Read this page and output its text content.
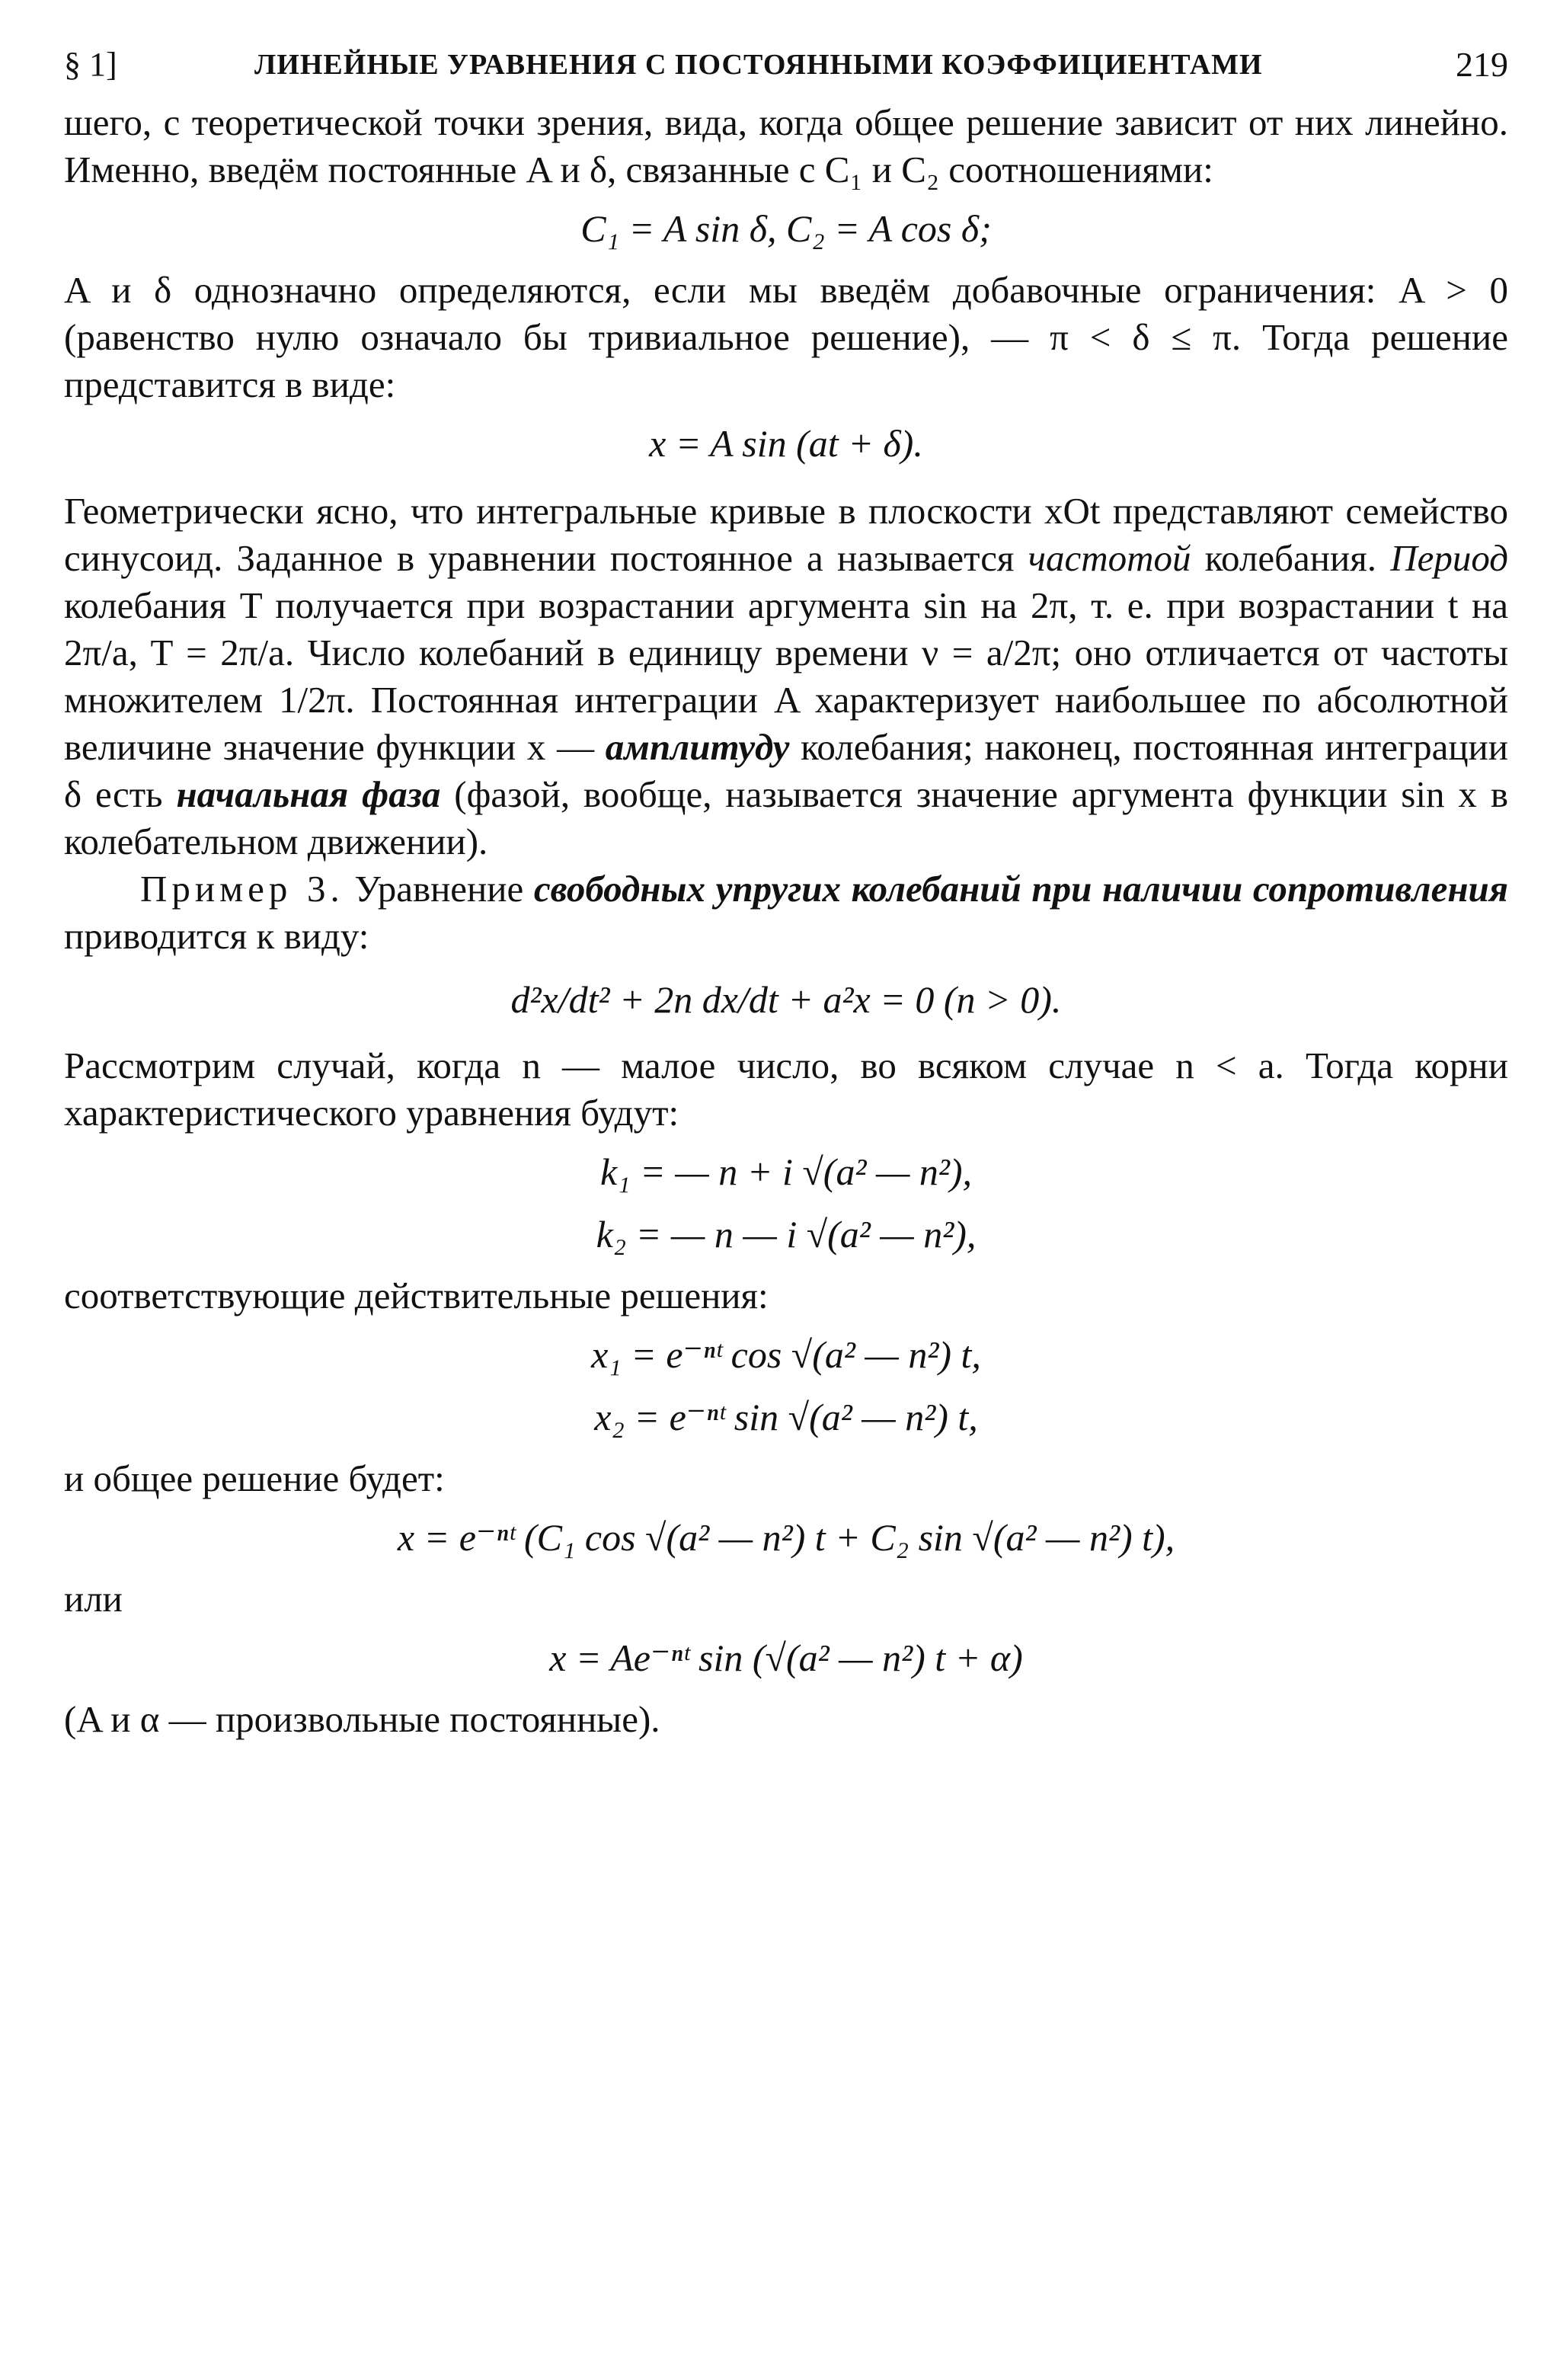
§ 1]	ЛИНЕЙНЫЕ УРАВНЕНИЯ С ПОСТОЯННЫМИ КОЭФФИЦИЕНТАМИ	219

шего, с теоретической точки зрения, вида, когда общее решение зависит от них линейно. Именно, введём постоянные A и δ, связанные с C₁ и C₂ соотношениями:

C₁ = A sin δ, C₂ = A cos δ;

A и δ однозначно определяются, если мы введём добавочные ограничения: A > 0 (равенство нулю означало бы тривиальное решение), — π < δ ≤ π. Тогда решение представится в виде:

x = A sin (at + δ).

Геометрически ясно, что интегральные кривые в плоскости xOt представляют семейство синусоид. Заданное в уравнении постоянное a называется частотой колебания. Период колебания T получается при возрастании аргумента sin на 2π, т. е. при возрастании t на 2π/a, T = 2π/a. Число колебаний в единицу времени ν = a/2π; оно отличается от частоты множителем 1/2π. Постоянная интеграции A характеризует наибольшее по абсолютной величине значение функции x — амплитуду колебания; наконец, постоянная интеграции δ есть начальная фаза (фазой, вообще, называется значение аргумента функции sin x в колебательном движении).

Пример 3. Уравнение свободных упругих колебаний при наличии сопротивления приводится к виду:

d²x/dt² + 2n dx/dt + a²x = 0 (n > 0).

Рассмотрим случай, когда n — малое число, во всяком случае n < a. Тогда корни характеристического уравнения будут:

k₁ = — n + i √(a² — n²),
k₂ = — n — i √(a² — n²),

соответствующие действительные решения:

x₁ = e⁻ⁿᵗ cos √(a² — n²) t,
x₂ = e⁻ⁿᵗ sin √(a² — n²) t,

и общее решение будет:

x = e⁻ⁿᵗ (C₁ cos √(a² — n²) t + C₂ sin √(a² — n²) t),

или

x = Ae⁻ⁿᵗ sin (√(a² — n²) t + α)

(A и α — произвольные постоянные).
